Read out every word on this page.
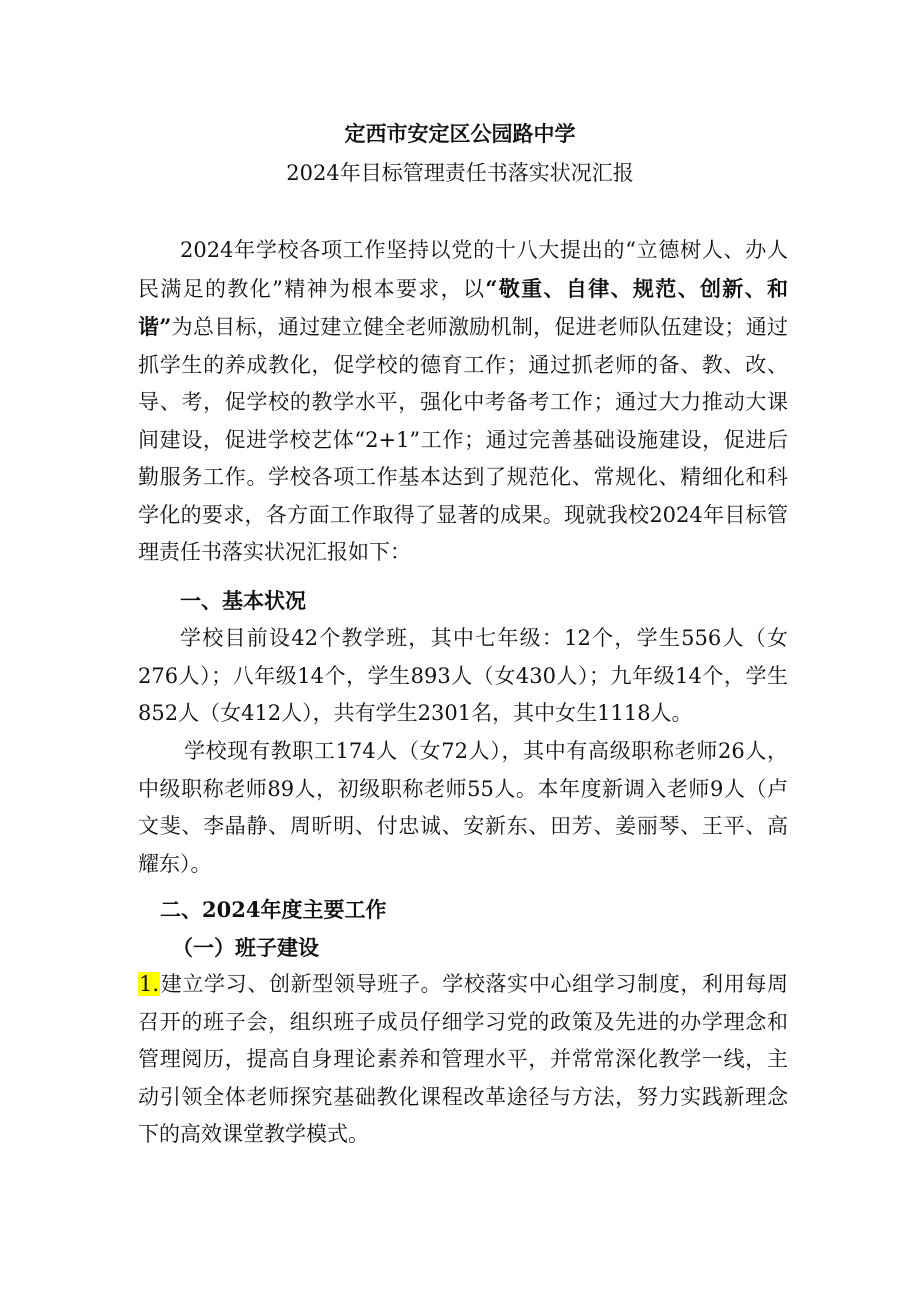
定西市安定区公园路中学
2024年目标管理责任书落实状况汇报

2024年学校各项工作坚持以党的十八大提出的“立德树人、办人民满足的教化”精神为根本要求，以“敬重、自律、规范、创新、和谐”为总目标，通过建立健全老师激励机制，促进老师队伍建设；通过抓学生的养成教化，促学校的德育工作；通过抓老师的备、教、改、导、考，促学校的教学水平，强化中考备考工作；通过大力推动大课间建设，促进学校艺体“2+1”工作；通过完善基础设施建设，促进后勤服务工作。学校各项工作基本达到了规范化、常规化、精细化和科学化的要求，各方面工作取得了显著的成果。现就我校2024年目标管理责任书落实状况汇报如下：

一、基本状况

学校目前设42个教学班，其中七年级：12个，学生556人（女276人）；八年级14个，学生893人（女430人）；九年级14个，学生852人（女412人），共有学生2301名，其中女生1118人。

学校现有教职工174人（女72人），其中有高级职称老师26人，中级职称老师89人，初级职称老师55人。本年度新调入老师9人（卢文斐、李晶静、周昕明、付忠诚、安新东、田芳、姜丽琴、王平、高耀东）。

二、2024年度主要工作
（一）班子建设

1.建立学习、创新型领导班子。学校落实中心组学习制度，利用每周召开的班子会，组织班子成员仔细学习党的政策及先进的办学理念和管理阅历，提高自身理论素养和管理水平，并常常深化教学一线，主动引领全体老师探究基础教化课程改革途径与方法，努力实践新理念下的高效课堂教学模式。
